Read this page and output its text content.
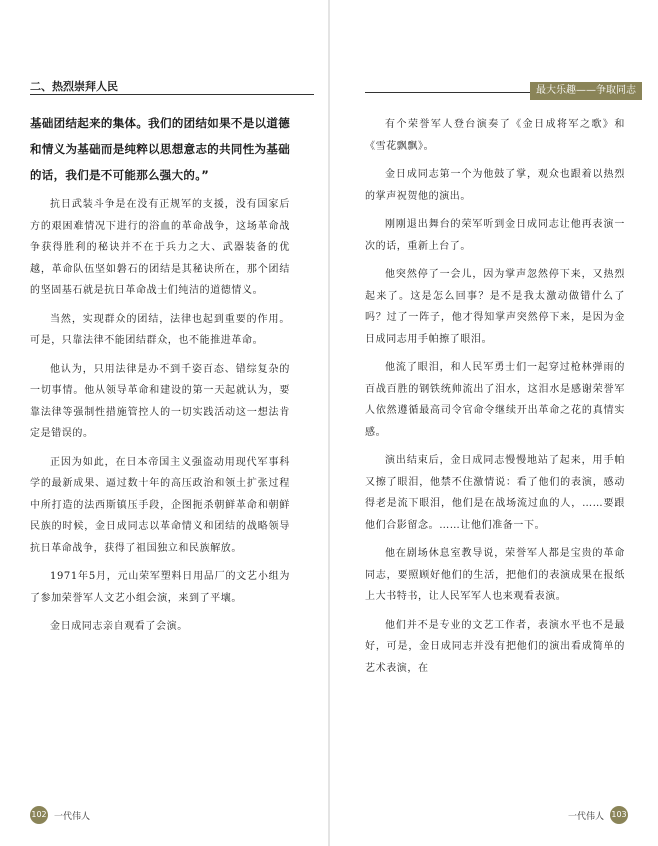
二、热烈崇拜人民

基础团结起来的集体。我们的团结如果不是以道德和情义为基础而是纯粹以思想意志的共同性为基础的话，我们是不可能那么强大的。”

抗日武装斗争是在没有正规军的支援，没有国家后方的艰困难情况下进行的浴血的革命战争，这场革命战争获得胜利的秘诀并不在于兵力之大、武器装备的优越，革命队伍坚如磐石的团结是其秘诀所在，那个团结的坚固基石就是抗日革命战士们纯洁的道德情义。

当然，实现群众的团结，法律也起到重要的作用。可是，只靠法律不能团结群众，也不能推进革命。

他认为，只用法律是办不到千姿百态、错综复杂的一切事情。他从领导革命和建设的第一天起就认为，要靠法律等强制性措施管控人的一切实践活动这一想法肯定是错误的。

正因为如此，在日本帝国主义强盗动用现代军事科学的最新成果、逼过数十年的高压政治和领土扩张过程中所打造的法西斯镇压手段，企图扼杀朝鲜革命和朝鲜民族的时候，金日成同志以革命情义和团结的战略领导抗日革命战争，获得了祖国独立和民族解放。

1971年5月，元山荣军塑料日用品厂的文艺小组为了参加荣誉军人文艺小组会演，来到了平壤。

金日成同志亲自观看了会演。

102 一代伟人
最大乐趣——争取同志

有个荣誉军人登台演奏了《金日成将军之歌》和《雪花飘飘》。

金日成同志第一个为他鼓了掌，观众也跟着以热烈的掌声祝贺他的演出。

刚刚退出舞台的荣军听到金日成同志让他再表演一次的话，重新上台了。

他突然停了一会儿，因为掌声忽然停下来，又热烈起来了。这是怎么回事？是不是我太激动做错什么了吗？过了一阵子，他才得知掌声突然停下来，是因为金日成同志用手帕擦了眼泪。

他流了眼泪，和人民军勇士们一起穿过枪林弹雨的百战百胜的钢铁统帅流出了泪水，这泪水是感谢荣誉军人依然遵循最高司令官命令继续开出革命之花的真情实感。

演出结束后，金日成同志慢慢地站了起来，用手帕又擦了眼泪，他禁不住激情说：看了他们的表演，感动得老是流下眼泪，他们是在战场流过血的人，……要跟他们合影留念。……让他们准备一下。

他在剧场休息室教导说，荣誉军人都是宝贵的革命同志，要照顾好他们的生活，把他们的表演成果在报纸上大书特书，让人民军军人也来观看表演。

他们并不是专业的文艺工作者，表演水平也不是最好，可是，金日成同志并没有把他们的演出看成简单的艺术表演，在

一代伟人 103
